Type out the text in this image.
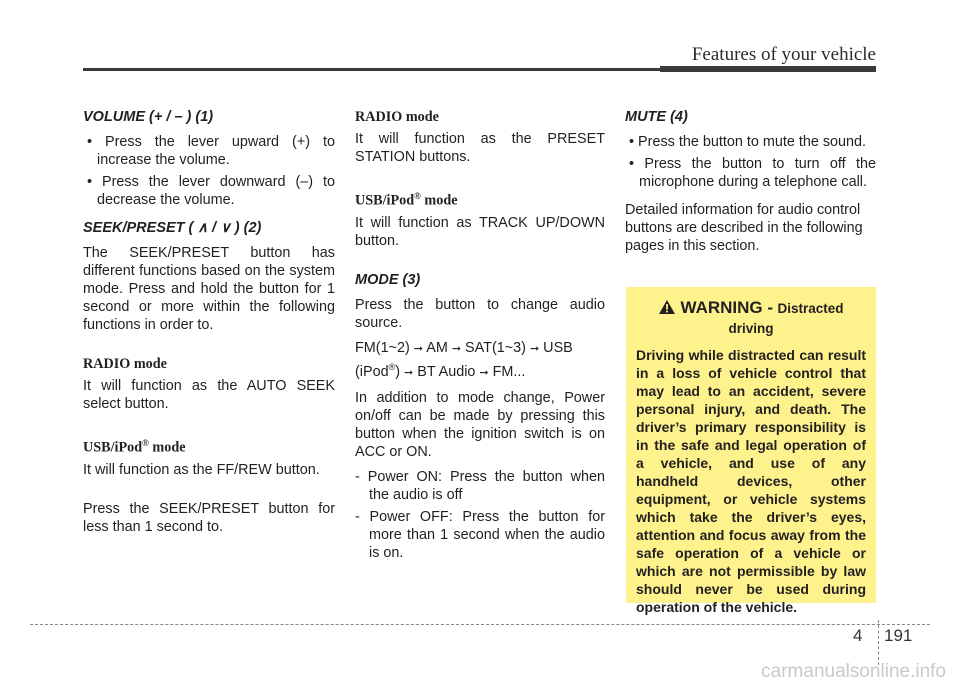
Features of your vehicle
VOLUME (+ / – ) (1)
• Press the lever upward (+) to increase the volume.
• Press the lever downward (–) to decrease the volume.
SEEK/PRESET ( ∧ / ∨ ) (2)

The SEEK/PRESET button has different functions based on the system mode. Press and hold the button for 1 second or more within the following functions in order to.

RADIO mode

It will function as the AUTO SEEK select button.

USB/iPod® mode

It will function as the FF/REW button.

Press the SEEK/PRESET button for less than 1 second to.

RADIO mode

It will function as the PRESET STATION buttons.

USB/iPod® mode

It will function as TRACK UP/DOWN button.

MODE (3)

Press the button to change audio source.

FM(1~2) ➞ AM ➞ SAT(1~3) ➞ USB
(iPod®) ➞ BT Audio ➞ FM...

In addition to mode change, Power on/off can be made by pressing this button when the ignition switch is on ACC or ON.

- Power ON: Press the button when the audio is off
- Power OFF: Press the button for more than 1 second when the audio is on.
MUTE (4)
• Press the button to mute the sound.
• Press the button to turn off the microphone during a telephone call.

Detailed information for audio control buttons are described in the following pages in this section.

WARNING - Distracted
driving
Driving while distracted can result in a loss of vehicle control that may lead to an accident, severe personal injury, and death. The driver’s primary responsibility is in the safe and legal operation of a vehicle, and use of any handheld devices, other equipment, or vehicle systems which take the driver’s eyes, attention and focus away from the safe operation of a vehicle or which are not permissible by law should never be used during operation of the vehicle.
4 191
carmanualsonline.info
